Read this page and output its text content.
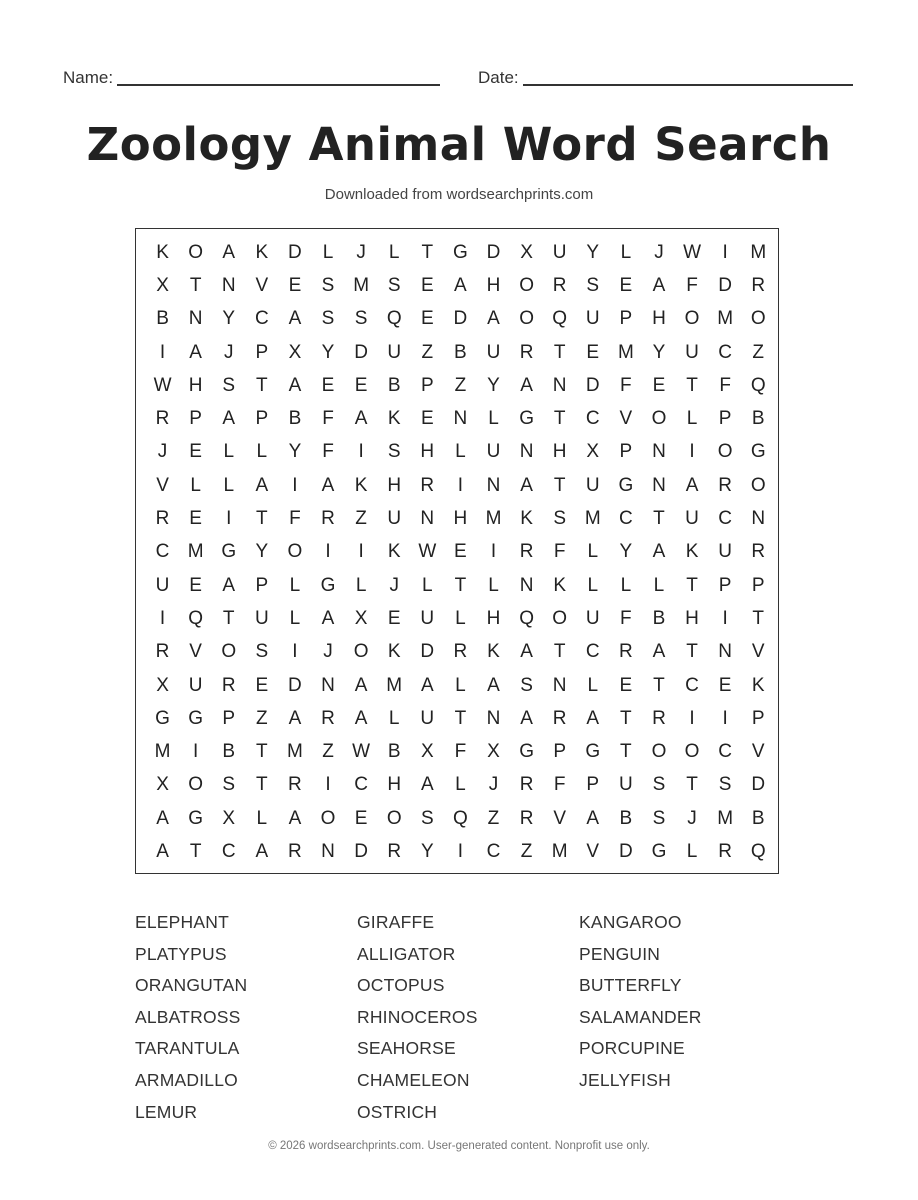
Name:	Date:
Zoology Animal Word Search
Downloaded from wordsearchprints.com
K	O	A	K	D	L	J	L	T	G D	X	U	Y	L	J	W	I	M
X	T	N	V	E	S M S	E	A	H O R	S	E	A	F	D	R
B	N	Y	C	A	S	S	Q	E	D	A	O Q U	P	H O M O
I	A	J	P	X	Y	D	U	Z	B	U	R	T	E M Y	U	C	Z
W H	S	T	A	E	E	B	P	Z	Y	A	N	D	F	E	T	F	Q
R	P	A	P	B	F	A	K	E	N	L	G	T	C	V	O	L	P	B
J	E	L	L	Y	F	I	S	H	L	U	N	H	X	P	N	I	O G
V	L	L	A	I	A	K	H	R	I	N	A	T	U G N	A	R O
R	E	I	T	F	R	Z	U	N	H M K	S M C	T	U	C	N
C M G	Y	O	I	I	K W E	I	R	F	L	Y	A	K	U	R
U	E	A	P	L	G	L	J	L	T	L	N	K	L	L	L	T	P	P
I	Q	T	U	L	A	X	E	U	L	H Q O U	F	B	H	I	T
R	V	O	S	I	J	O	K	D	R	K	A	T	C	R	A	T	N	V
X	U	R	E	D	N	A M A	L	A	S	N	L	E	T	C	E	K
G G	P	Z	A	R	A	L	U	T	N	A	R	A	T	R	I	I	P
M	I	B	T	M	Z W B	X	F	X	G	P	G	T	O O C	V
X	O	S	T	R	I	C	H	A	L	J	R	F	P	U	S	T	S	D
A	G	X	L	A	O	E	O	S	Q	Z	R	V	A	B	S	J	M B
A	T	C	A	R	N	D	R	Y	I	C	Z	M V	D G	L	R Q
ELEPHANT	GIRAFFE	KANGAROO
PLATYPUS	ALLIGATOR	PENGUIN
ORANGUTAN	OCTOPUS	BUTTERFLY
ALBATROSS	RHINOCEROS	SALAMANDER
TARANTULA	SEAHORSE	PORCUPINE
ARMADILLO	CHAMELEON	JELLYFISH
LEMUR	OSTRICH
© 2026 wordsearchprints.com. User-generated content. Nonprofit use only.
